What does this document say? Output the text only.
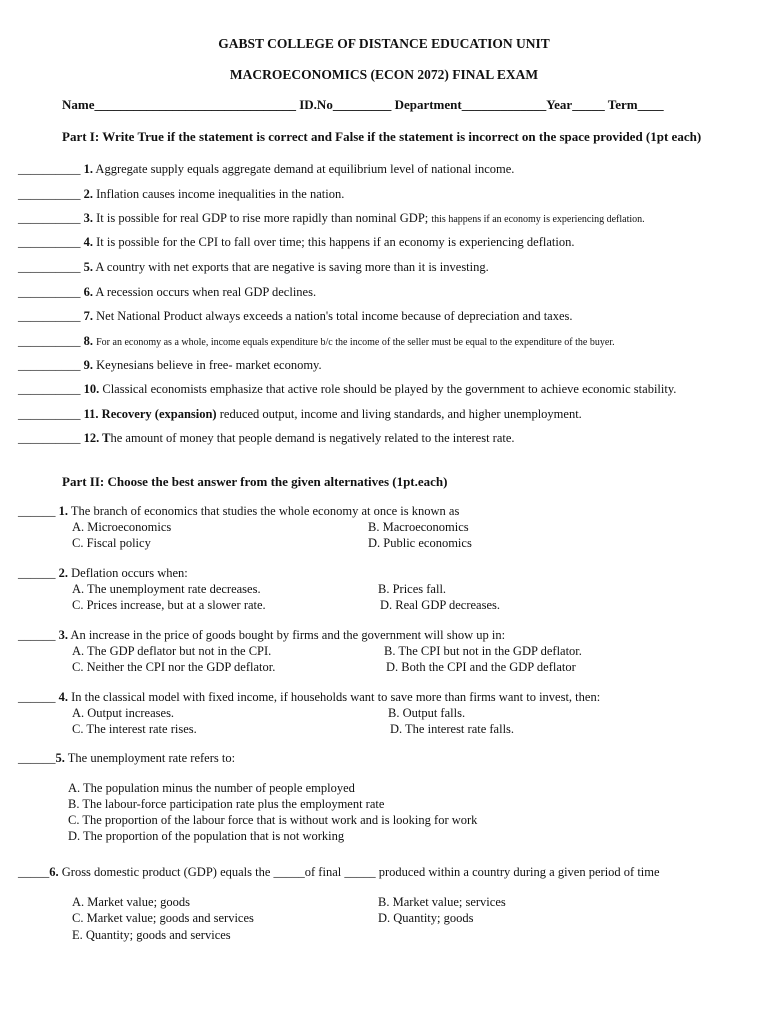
GABST COLLEGE OF DISTANCE EDUCATION UNIT
MACROECONOMICS (ECON 2072) FINAL EXAM
Name_______________________________ ID.No_________ Department_____________Year_____ Term____
Part I: Write True if the statement is correct and False if the statement is incorrect on the space provided (1pt each)
__________ 1. Aggregate supply equals aggregate demand at equilibrium level of national income.
__________ 2. Inflation causes income inequalities in the nation.
__________ 3. It is possible for real GDP to rise more rapidly than nominal GDP; this happens if an economy is experiencing deflation.
__________ 4. It is possible for the CPI to fall over time; this happens if an economy is experiencing deflation.
__________ 5. A country with net exports that are negative is saving more than it is investing.
__________ 6. A recession occurs when real GDP declines.
__________ 7. Net National Product always exceeds a nation's total income because of depreciation and taxes.
__________ 8. For an economy as a whole, income equals expenditure b/c the income of the seller must be equal to the expenditure of the buyer.
__________ 9. Keynesians believe in free- market economy.
__________ 10. Classical economists emphasize that active role should be played by the government to achieve economic stability.
__________ 11. Recovery (expansion) reduced output, income and living standards, and higher unemployment.
__________ 12. The amount of money that people demand is negatively related to the interest rate.
Part II: Choose the best answer from the given alternatives (1pt.each)
______ 1. The branch of economics that studies the whole economy at once is known as
A. Microeconomics	B. Macroeconomics
C. Fiscal policy	D. Public economics
______ 2. Deflation occurs when:
A. The unemployment rate decreases.	B. Prices fall.
C. Prices increase, but at a slower rate.	D. Real GDP decreases.
______ 3. An increase in the price of goods bought by firms and the government will show up in:
A. The GDP deflator but not in the CPI.	B. The CPI but not in the GDP deflator.
C. Neither the CPI nor the GDP deflator.	D. Both the CPI and the GDP deflator
______ 4. In the classical model with fixed income, if households want to save more than firms want to invest, then:
A. Output increases.	B. Output falls.
C. The interest rate rises.	D. The interest rate falls.
______5. The unemployment rate refers to:
A. The population minus the number of people employed
B. The labour-force participation rate plus the employment rate
C. The proportion of the labour force that is without work and is looking for work
D. The proportion of the population that is not working
_____6. Gross domestic product (GDP) equals the _____of final _____ produced within a country during a given period of time
A. Market value; goods	B. Market value; services
C. Market value; goods and services	D. Quantity; goods
E. Quantity; goods and services
